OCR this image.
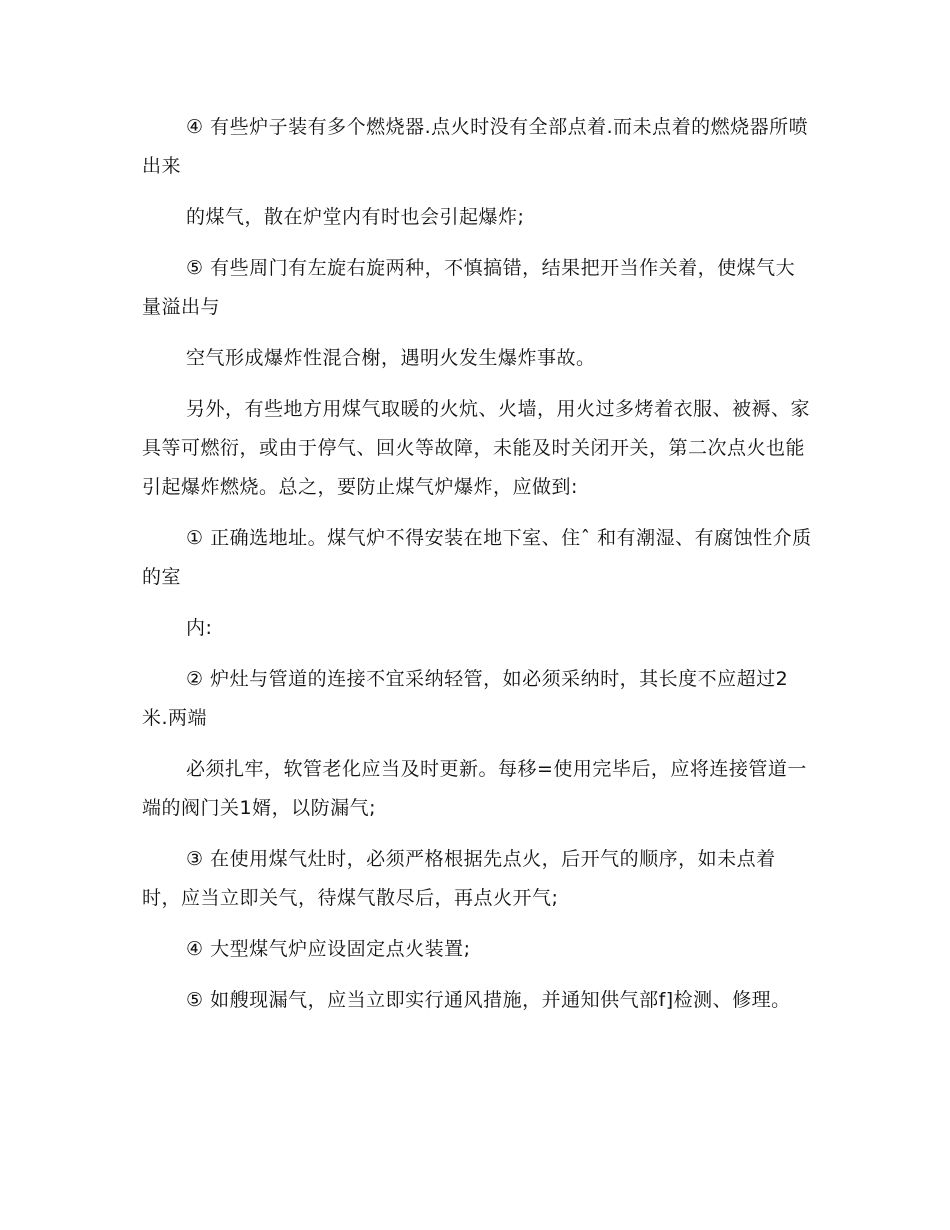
④ 有些炉子装有多个燃烧器.点火时没有全部点着.而未点着的燃烧器所喷出来

的煤气，散在炉堂内有时也会引起爆炸;

⑤ 有些周门有左旋右旋两种，不慎搞错，结果把开当作关着，使煤气大量溢出与

空气形成爆炸性混合榭，遇明火发生爆炸事故。

另外，有些地方用煤气取暖的火炕、火墙，用火过多烤着衣服、被褥、家具等可燃衍，或由于停气、回火等故障，未能及时关闭开关，第二次点火也能引起爆炸燃烧。总之，要防止煤气炉爆炸，应做到:

① 正确选地址。煤气炉不得安装在地下室、住ˆ 和有潮湿、有腐蚀性介质的室

内:

② 炉灶与管道的连接不宜采纳轻管，如必须采纳时，其长度不应超过2米.两端

必须扎牢，软管老化应当及时更新。每移=使用完毕后，应将连接管道一端的阀门关1婿，以防漏气;

③ 在使用煤气灶时，必须严格根据先点火，后开气的顺序，如未点着时，应当立即关气，待煤气散尽后，再点火开气;

④ 大型煤气炉应设固定点火装置;

⑤ 如艘现漏气，应当立即实行通风措施，并通知供气部f]检测、修理。
